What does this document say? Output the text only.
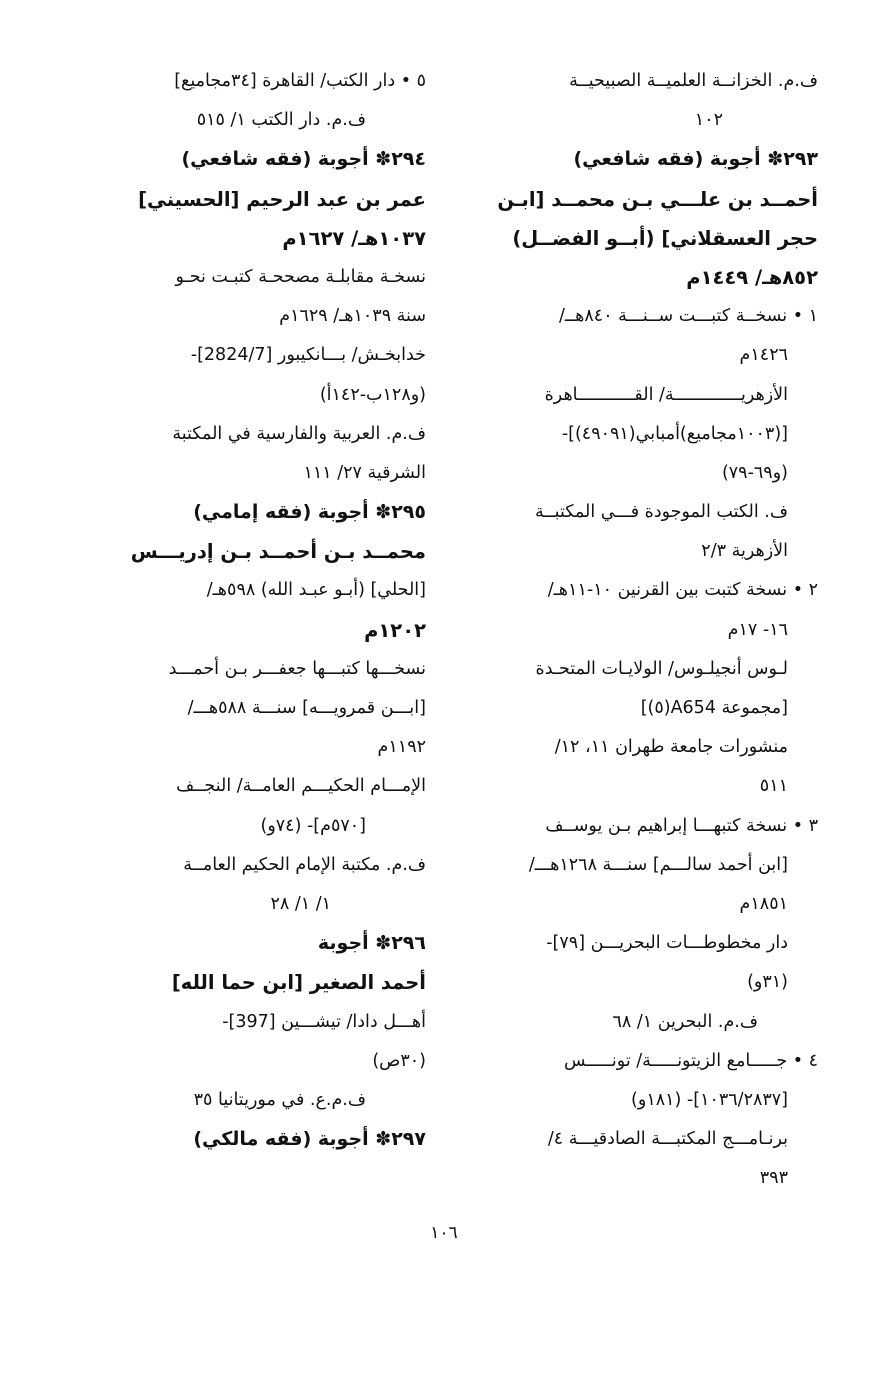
ف.م. الخزانــة العلميــة الصبيحيــة
١٠٢
٢٩٣✽ أجوبة (فقه شافعي)
أحمــد بن علـــي بـن محمــد [ابـن
حجر العسقلاني] (أبــو الفضــل)
٨٥٢هـ/ ١٤٤٩م
١ • نسخــة كتبـــت ســنـــة ٨٤٠هــ/
١٤٢٦م
الأزهريـــــــــــــة/ القـــــــــــاهرة
[(١٠٠٣مجاميع)أمبابي(٤٩٠٩١)]-
(و٦٩-٧٩)
ف. الكتب الموجودة فـــي المكتبــة
الأزهرية ٢/٣
٢ • نسخة كتبت بين القرنين ١٠-١١هـ/
١٦- ١٧م
لـوس أنجيلـوس/ الولايـات المتحـدة
[مجموعة A654(٥)]
منشورات جامعة طهران ١١، ١٢/
٥١١
٣ • نسخة كتبهـــا إبراهيم بـن يوســف
[ابن أحمد سالـــم] سنـــة ١٢٦٨هـــ/
١٨٥١م
دار مخطوطـــات البحريـــن [٧٩]-
(٣١و)
ف.م. البحرين ١/ ٦٨
٤ • جـــــامع الزيتونـــــة/ تونـــــس
[١٠٣٦/٢٨٣٧]- (١٨١و)
برنـامـــج المكتبـــة الصادقيـــة ٤/
٣٩٣
٥ • دار الكتب/ القاهرة [٣٤مجاميع]
ف.م. دار الكتب ١/ ٥١٥
٢٩٤✽ أجوبة (فقه شافعي)
عمر بن عبد الرحيم [الحسيني]
١٠٣٧هـ/ ١٦٢٧م
نسخـة مقابلـة مصححـة كتبـت نحـو
سنة ١٠٣٩هـ/ ١٦٢٩م
خدابخـش/ بـــانكيبور [2824/7]-
(و١٢٨ب-١٤٢أ)
ف.م. العربية والفارسية في المكتبة
الشرقية ٢٧/ ١١١
٢٩٥✽ أجوبة (فقه إمامي)
محمــد بـن أحمــد بـن إدريـــس
[الحلي] (أبـو عبـد الله) ٥٩٨هـ/
١٢٠٢م
نسخـــها كتبـــها جعفـــر بـن أحمـــد
[ابـــن قمرويـــه] سنـــة ٥٨٨هـــ/
١١٩٢م
الإمـــام الحكيـــم العامــة/ النجــف
[٥٧٠م]- (٧٤و)
ف.م. مكتبة الإمام الحكيم العامــة
١/ ١/ ٢٨
٢٩٦✽ أجوبة
أحمد الصغير [ابن حما الله]
أهـــل دادا/ تيشـــين [397]-
(٣٠ص)
ف.م.ع. في موريتانيا ٣٥
٢٩٧✽ أجوبة (فقه مالكي)
١٠٦
